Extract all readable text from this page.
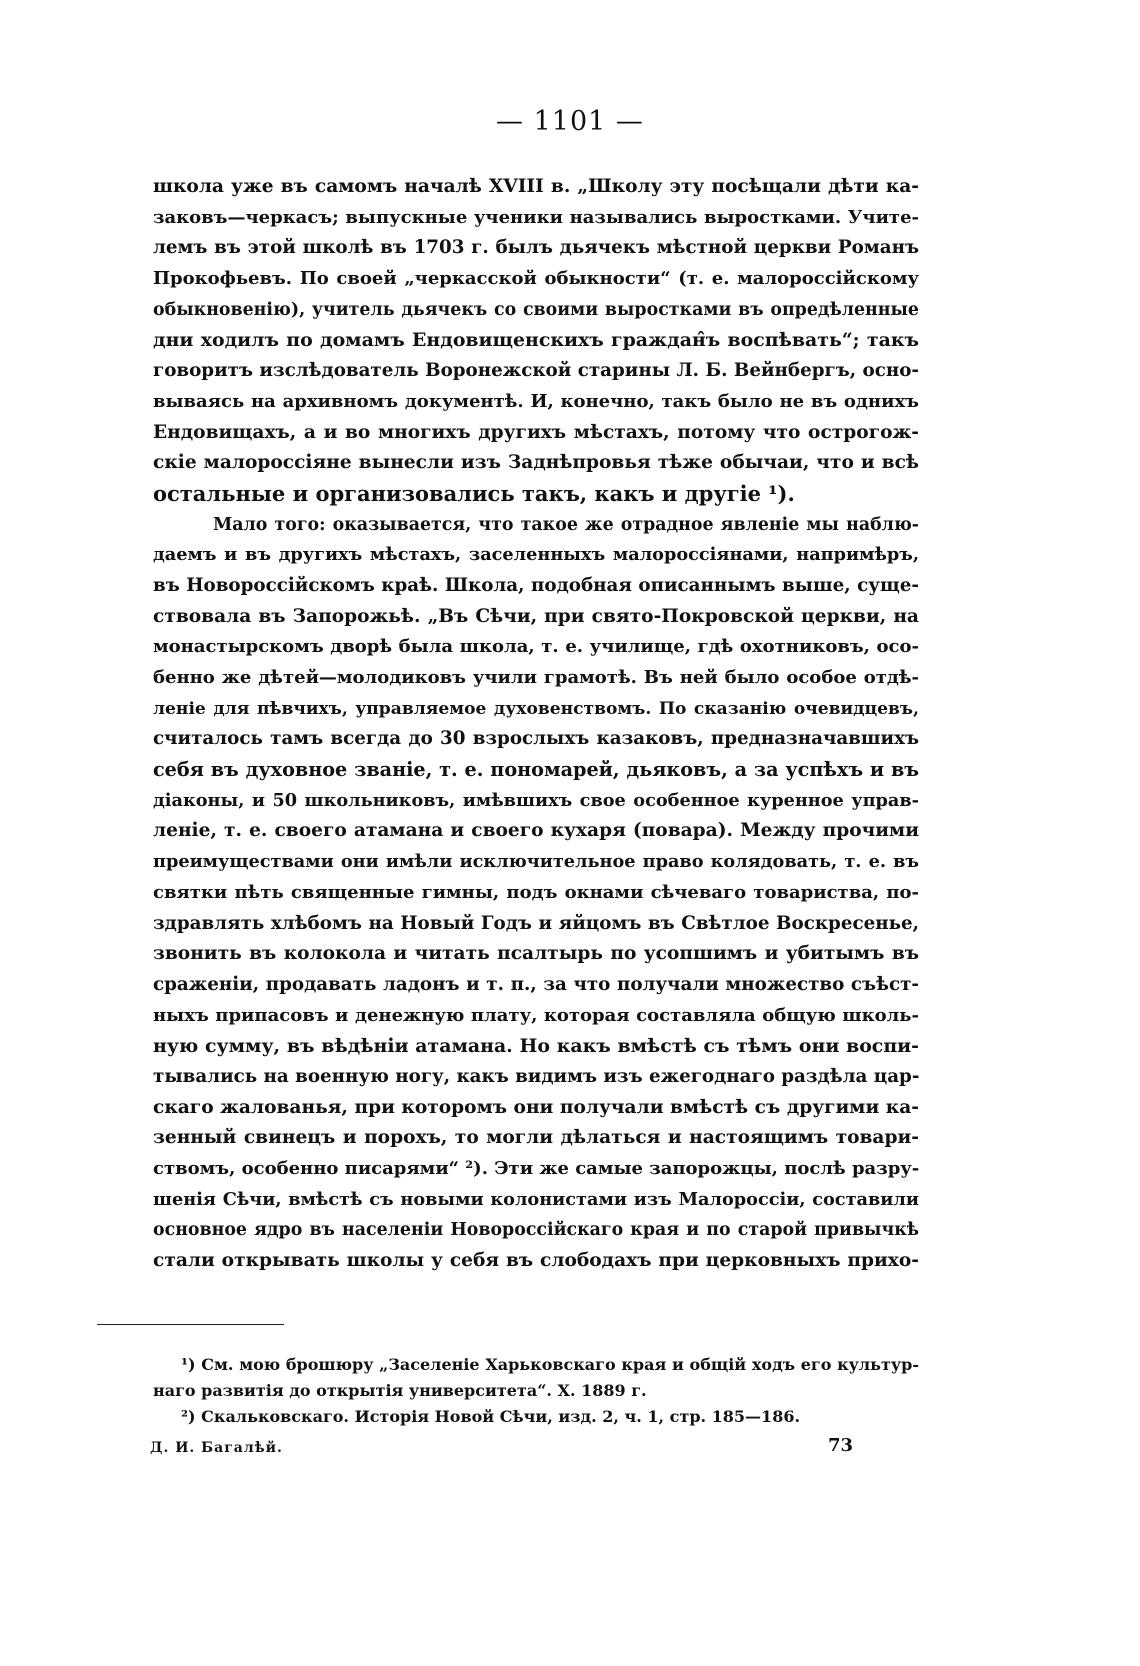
— 1101 —
школа уже въ самомъ началѣ XVIII в. „Школу эту посѣщали дѣти ка-
заковъ—черкасъ; выпускные ученики назывались выростками. Учите-
лемъ въ этой школѣ въ 1703 г. былъ дьячекъ мѣстной церкви Романъ
Прокофьевъ. По своей „черкасской обыкности“ (т. е. малороссійскому
обыкновенію), учитель дьячекъ со своими выростками въ опредѣленные
дни ходилъ по домамъ Ендовищенскихъ граждан̂ъ воспѣвать“; такъ
говоритъ изслѣдователь Воронежской старины Л. Б. Вейнбергъ, осно-
вываясь на архивномъ документѣ. И, конечно, такъ было не въ однихъ
Ендовищахъ, а и во многихъ другихъ мѣстахъ, потому что острогож-
скіе малороссіяне вынесли изъ Заднѣпровья тѣже обычаи, что и всѣ
остальные и организовались такъ, какъ и другіе ¹).
Мало того: оказывается, что такое же отрадное явленіе мы наблю-
даемъ и въ другихъ мѣстахъ, заселенныхъ малороссіянами, напримѣръ,
въ Новороссійскомъ краѣ. Школа, подобная описаннымъ выше, суще-
ствовала въ Запорожьѣ. „Въ Сѣчи, при свято-Покровской церкви, на
монастырскомъ дворѣ была школа, т. е. училище, гдѣ охотниковъ, осо-
бенно же дѣтей—молодиковъ учили грамотѣ. Въ ней было особое отдѣ-
леніе для пѣвчихъ, управляемое духовенствомъ. По сказанію очевидцевъ,
считалось тамъ всегда до 30 взрослыхъ казаковъ, предназначавшихъ
себя въ духовное званіе, т. е. пономарей, дьяковъ, а за успѣхъ и въ
діаконы, и 50 школьниковъ, имѣвшихъ свое особенное куренное управ-
леніе, т. е. своего атамана и своего кухаря (повара). Между прочими
преимуществами они имѣли исключительное право колядовать, т. е. въ
святки пѣть священные гимны, подъ окнами сѣчеваго товариства, по-
здравлять хлѣбомъ на Новый Годъ и яйцомъ въ Свѣтлое Воскресенье,
звонить въ колокола и читать псалтырь по усопшимъ и убитымъ въ
сраженіи, продавать ладонъ и т. п., за что получали множество съѣст-
ныхъ припасовъ и денежную плату, которая составляла общую школь-
ную сумму, въ вѣдѣніи атамана. Но какъ вмѣстѣ съ тѣмъ они воспи-
тывались на военную ногу, какъ видимъ изъ ежегоднаго раздѣла цар-
скаго жалованья, при которомъ они получали вмѣстѣ съ другими ка-
зенный свинецъ и порохъ, то могли дѣлаться и настоящимъ товари-
ствомъ, особенно писарями“ ²). Эти же самые запорожцы, послѣ разру-
шенія Сѣчи, вмѣстѣ съ новыми колонистами изъ Малороссіи, составили
основное ядро въ населеніи Новороссійскаго края и по старой привычкѣ
стали открывать школы у себя въ слободахъ при церковныхъ прихо-
¹) См. мою брошюру „Заселеніе Харьковскаго края и общій ходъ его культур-
наго развитія до открытія университета“. X. 1889 г.
²) Скальковскаго. Исторія Новой Сѣчи, изд. 2, ч. 1, стр. 185—186.
Д. И. Багалѣй.	73
